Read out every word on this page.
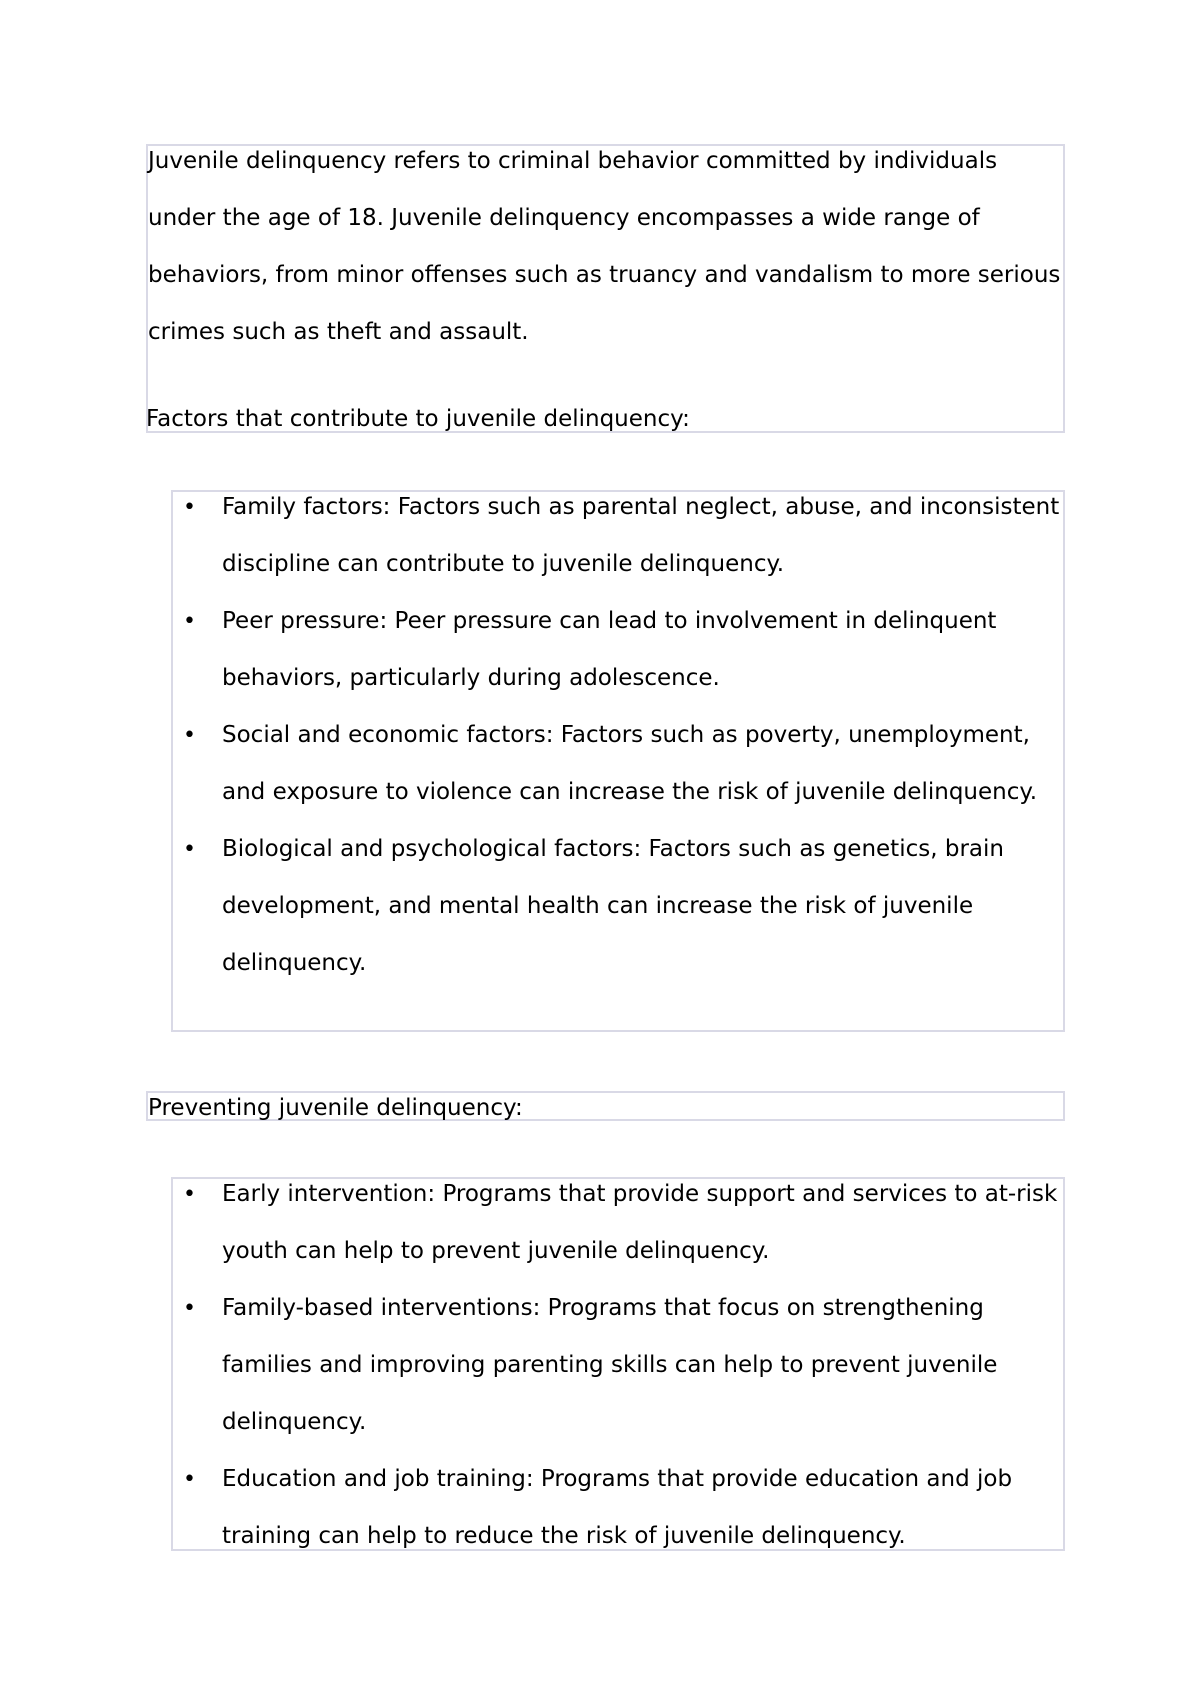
Juvenile delinquency refers to criminal behavior committed by individuals under the age of 18. Juvenile delinquency encompasses a wide range of behaviors, from minor offenses such as truancy and vandalism to more serious crimes such as theft and assault.

Factors that contribute to juvenile delinquency:
• Family factors: Factors such as parental neglect, abuse, and inconsistent discipline can contribute to juvenile delinquency.
• Peer pressure: Peer pressure can lead to involvement in delinquent behaviors, particularly during adolescence.
• Social and economic factors: Factors such as poverty, unemployment, and exposure to violence can increase the risk of juvenile delinquency.
• Biological and psychological factors: Factors such as genetics, brain development, and mental health can increase the risk of juvenile delinquency.
Preventing juvenile delinquency:
• Early intervention: Programs that provide support and services to at-risk youth can help to prevent juvenile delinquency.
• Family-based interventions: Programs that focus on strengthening families and improving parenting skills can help to prevent juvenile delinquency.
• Education and job training: Programs that provide education and job training can help to reduce the risk of juvenile delinquency.
